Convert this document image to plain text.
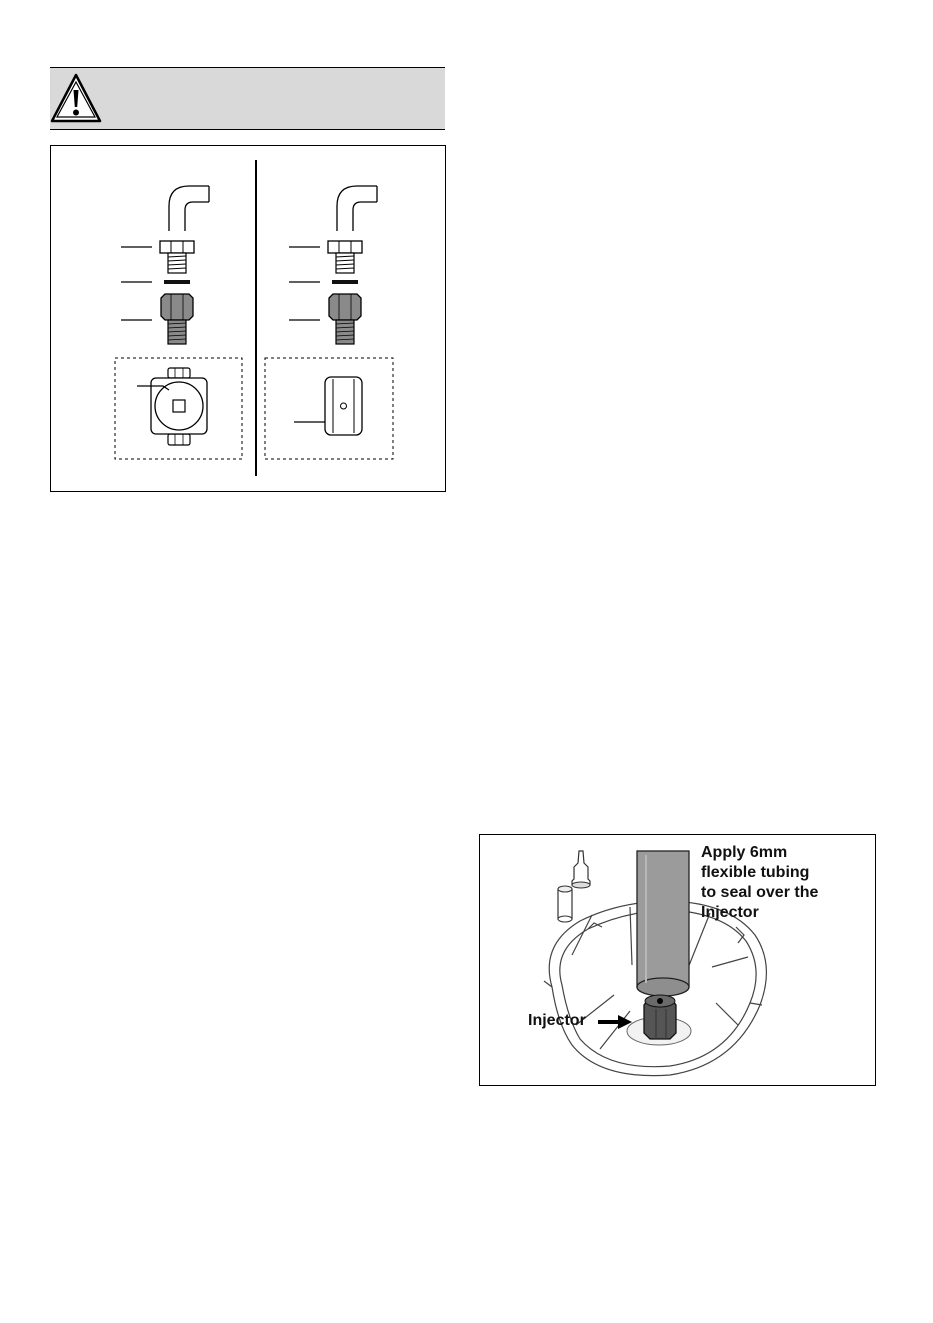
Apply 6mm
flexible tubing
to seal over the
Injector
Injector
